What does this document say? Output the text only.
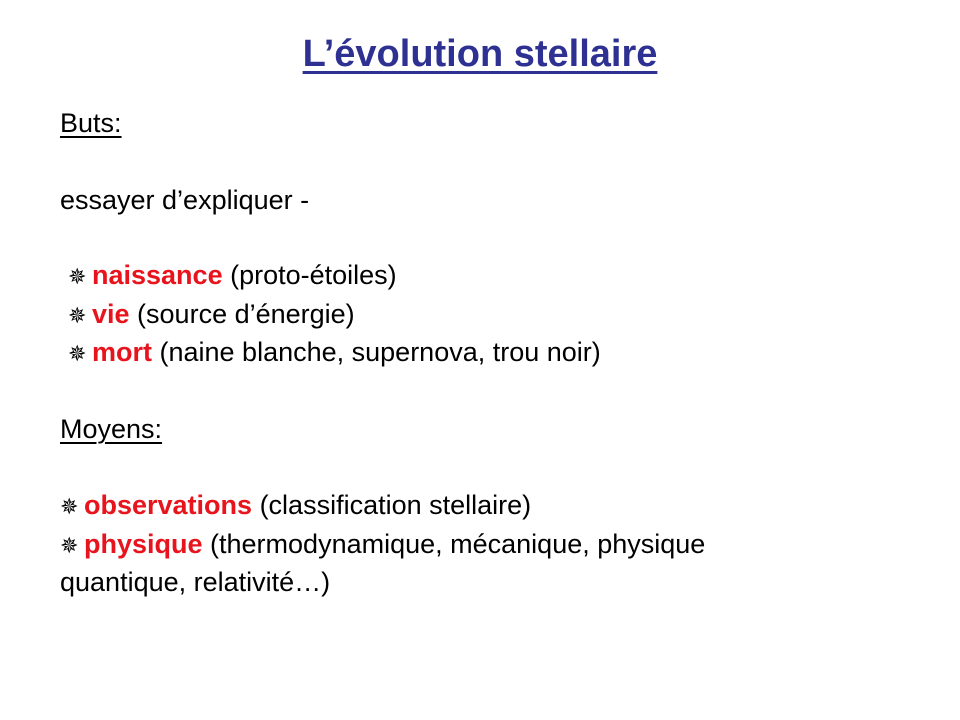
L’évolution stellaire
Buts:
essayer d’expliquer -
✵ naissance (proto-étoiles)
✵ vie (source d’énergie)
✵ mort (naine blanche, supernova, trou noir)
Moyens:
✵ observations (classification stellaire)
✵ physique (thermodynamique, mécanique, physique
quantique, relativité…)
